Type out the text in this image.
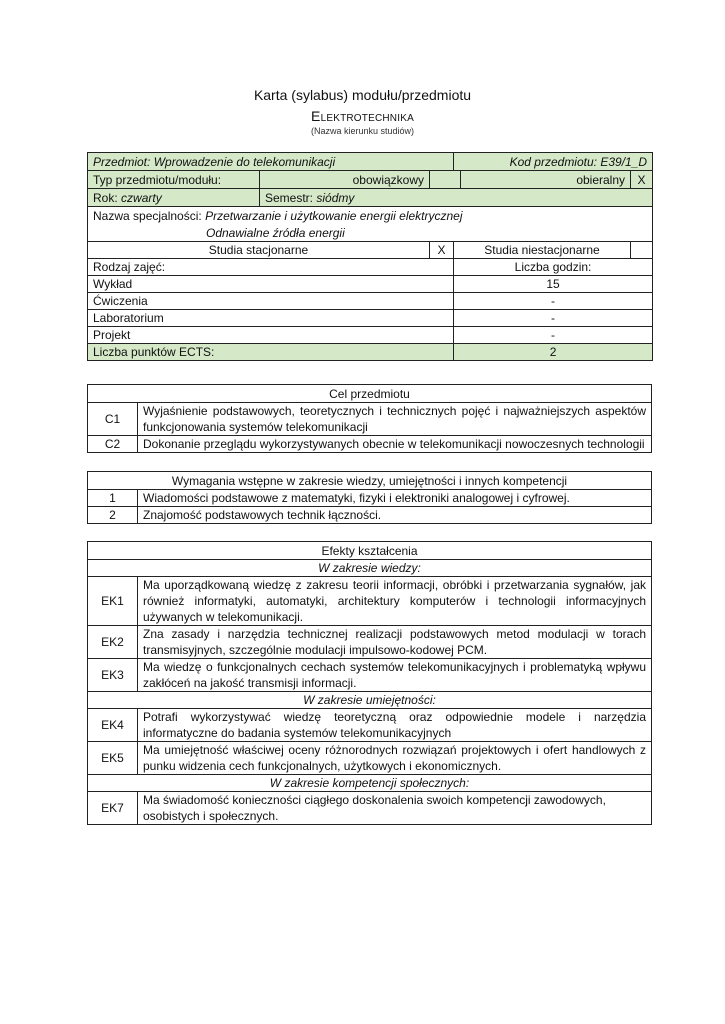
Karta (sylabus) modułu/przedmiotu
Elektrotechnika
(Nazwa kierunku studiów)
Przedmiot: Wprowadzenie do telekomunikacji			Kod przedmiotu: E39/1_D		
Typ przedmiotu/modułu:	obowiązkowy			obieralny	X
Rok: czwarty	Semestr: siódmy				
Nazwa specjalności: Przetwarzanie i użytkowanie energii elektrycznej					
Odnawialne źródła energii					
Studia stacjonarne		X	Studia niestacjonarne		
Rodzaj zajęć:			Liczba godzin:		
Wykład			15		
Ćwiczenia			-		
Laboratorium			-		
Projekt			-		
Liczba punktów ECTS:			2		
Cel przedmiotu	
C1	Wyjaśnienie podstawowych, teoretycznych i technicznych pojęć i najważniejszych aspektów funkcjonowania systemów telekomunikacji
C2	Dokonanie przeglądu wykorzystywanych obecnie w telekomunikacji nowoczesnych technologii
Wymagania wstępne w zakresie wiedzy, umiejętności i innych kompetencji	
1	Wiadomości podstawowe z matematyki, fizyki i elektroniki analogowej i cyfrowej.
2	Znajomość podstawowych technik łączności.
Efekty kształcenia	
W zakresie wiedzy:	
EK1	Ma uporządkowaną wiedzę z zakresu teorii informacji, obróbki i przetwarzania sygnałów, jak również informatyki, automatyki, architektury komputerów i technologii informacyjnych używanych w telekomunikacji.
EK2	Zna zasady i narzędzia technicznej realizacji podstawowych metod modulacji w torach transmisyjnych, szczególnie modulacji impulsowo-kodowej PCM.
EK3	Ma wiedzę o funkcjonalnych cechach systemów telekomunikacyjnych i problematyką wpływu zakłóceń na jakość transmisji informacji.
W zakresie umiejętności:	
EK4	Potrafi wykorzystywać wiedzę teoretyczną oraz odpowiednie modele i narzędzia informatyczne do badania systemów telekomunikacyjnych
EK5	Ma umiejętność właściwej oceny różnorodnych rozwiązań projektowych i ofert handlowych z punku widzenia cech funkcjonalnych, użytkowych i ekonomicznych.
W zakresie kompetencji społecznych:	
EK7	Ma świadomość konieczności ciągłego doskonalenia swoich kompetencji zawodowych, osobistych i społecznych.
